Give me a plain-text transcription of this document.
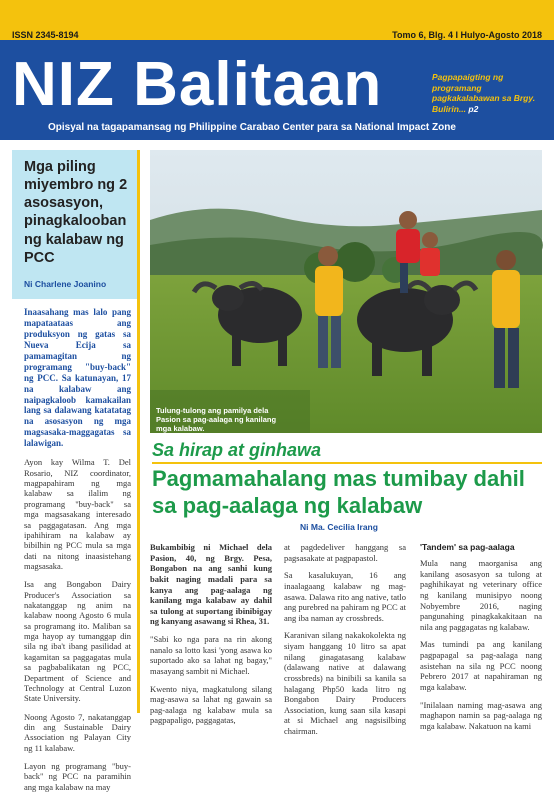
ISSN 2345-8194	Tomo 6, Blg. 4 I Hulyo-Agosto 2018
NIZ Balitaan	Pagpapaigting ng programang pagkakalabawan sa Brgy. Bulirin... p2
Opisyal na tagapamansag ng Philippine Carabao Center para sa National Impact Zone
Mga piling miyembro ng 2 asosasyon, pinagkalooban ng kalabaw ng PCC
Ni Charlene Joanino

Inaasahang mas lalo pang mapataataas ang produksyon ng gatas sa Nueva Ecija sa pamamagitan ng programang "buy-back" ng PCC. Sa katunayan, 17 na kalabaw ang naipagkaloob kamakailan lang sa dalawang katatatag na asosasyon ng mga magsasaka-maggagatas sa lalawigan.

Ayon kay Wilma T. Del Rosario, NIZ coordinator, magpapahiram ng mga kalabaw sa ilalim ng programang "buy-back" sa mga magsasakang interesado sa paggagatasan. Ang mga ipahihiram na kalabaw ay bibilhin ng PCC mula sa mga dati na nitong inaasistehang magsasaka.

Isa ang Bongabon Dairy Producer's Association sa nakatanggap ng anim na kalabaw noong Agosto 6 mula sa programang ito. Maliban sa mga hayop ay tumanggap din sila ng iba't ibang pasilidad at kagamitan sa paggagatas mula sa pagbabalikatan ng PCC, Department of Science and Technology at Central Luzon State University.

Noong Agosto 7, nakatanggap din ang Sustainable Dairy Association ng Palayan City ng 11 kalabaw.

Layon ng programang "buy-back" ng PCC na paramihin ang mga kalabaw na may

Tulung-tulong ang pamilya dela Pasion sa pag-aalaga ng kanilang mga kalabaw.
Sa hirap at ginhawa
Pagmamahalang mas tumibay dahil sa pag-aalaga ng kalabaw
Ni Ma. Cecilia Irang

Bukambibig ni Michael dela Pasion, 40, ng Brgy. Pesa, Bongabon na ang sanhi kung bakit naging madali para sa kanya ang pag-aalaga ng kanilang mga kalabaw ay dahil sa tulong at suportang ibinibigay ng kanyang asawang si Rhea, 31.

"Sabi ko nga para na rin akong nanalo sa lotto kasi 'yong asawa ko suportado ako sa lahat ng bagay," masayang sambit ni Michael.

Kwento niya, magkatulong silang mag-asawa sa lahat ng gawain sa pag-aalaga ng kalabaw mula sa pagpapaligo, paggagatas,

at pagdedeliver hanggang sa pagsasakate at pagpapastol.

Sa kasalukuyan, 16 ang inaalagaang kalabaw ng mag-asawa. Dalawa rito ang native, tatlo ang purebred na pahiram ng PCC at ang iba naman ay crossbreds.

Karanivan silang nakakokolekta ng siyam hanggang 10 litro sa apat nilang ginagatasang kalabaw (dalawang native at dalawang crossbreds) na binibili sa kanila sa halagang Php50 kada litro ng Bongabon Dairy Producers Association, kung saan sila kasapi at si Michael ang nagsisilbing chairman.

'Tandem' sa pag-aalaga

Mula nang maorganisa ang kanilang asosasyon sa tulong at paghihikayat ng veterinary office ng kanilang munisipyo noong Nobyembre 2016, naging pangunahing pinagkakakitaan na nila ang paggagatas ng kalabaw.

Mas tumindi pa ang kanilang pagpapagal sa pag-aalaga nang asistehan na sila ng PCC noong Pebrero 2017 at napahiraman ng mga kalabaw.

"Inilalaan naming mag-asawa ang maghapon namin sa pag-aalaga ng mga kalabaw. Nakatuon na kami
